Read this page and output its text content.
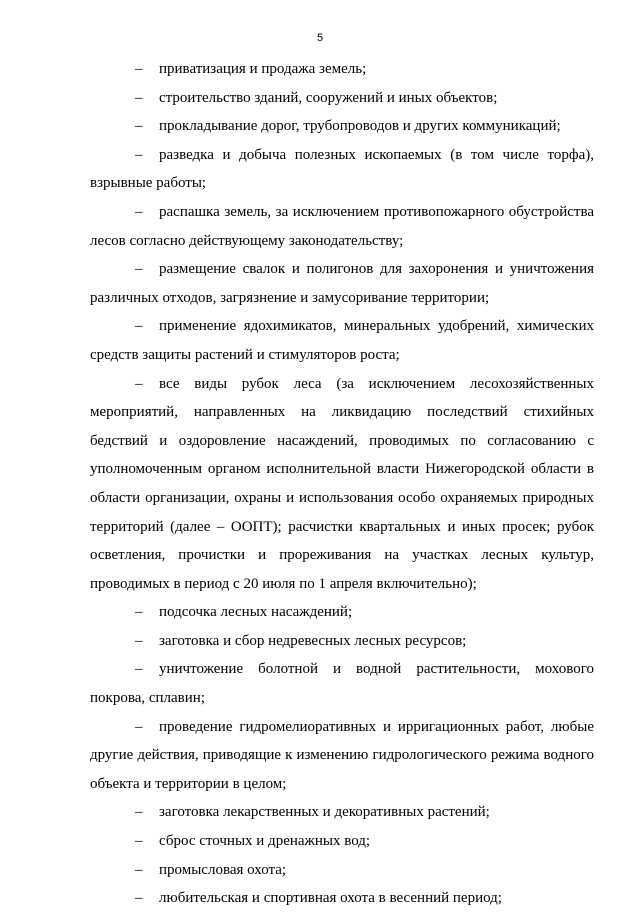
5

– приватизация и продажа земель;

– строительство зданий, сооружений и иных объектов;

– прокладывание дорог, трубопроводов и других коммуникаций;

– разведка и добыча полезных ископаемых (в том числе торфа), взрывные работы;

– распашка земель, за исключением противопожарного обустройства лесов согласно действующему законодательству;

– размещение свалок и полигонов для захоронения и уничтожения различных отходов, загрязнение и замусоривание территории;

– применение ядохимикатов, минеральных удобрений, химических средств защиты растений и стимуляторов роста;

– все виды рубок леса (за исключением лесохозяйственных мероприятий, направленных на ликвидацию последствий стихийных бедствий и оздоровление насаждений, проводимых по согласованию с уполномоченным органом исполнительной власти Нижегородской области в области организации, охраны и использования особо охраняемых природных территорий (далее – ООПТ); расчистки квартальных и иных просек; рубок осветления, прочистки и прореживания на участках лесных культур, проводимых в период с 20 июля по 1 апреля включительно);

– подсочка лесных насаждений;

– заготовка и сбор недревесных лесных ресурсов;

– уничтожение болотной и водной растительности, мохового покрова, сплавин;

– проведение гидромелиоративных и ирригационных работ, любые другие действия, приводящие к изменению гидрологического режима водного объекта и территории в целом;

– заготовка лекарственных и декоративных растений;

– сброс сточных и дренажных вод;

– промысловая охота;

– любительская и спортивная охота в весенний период;
